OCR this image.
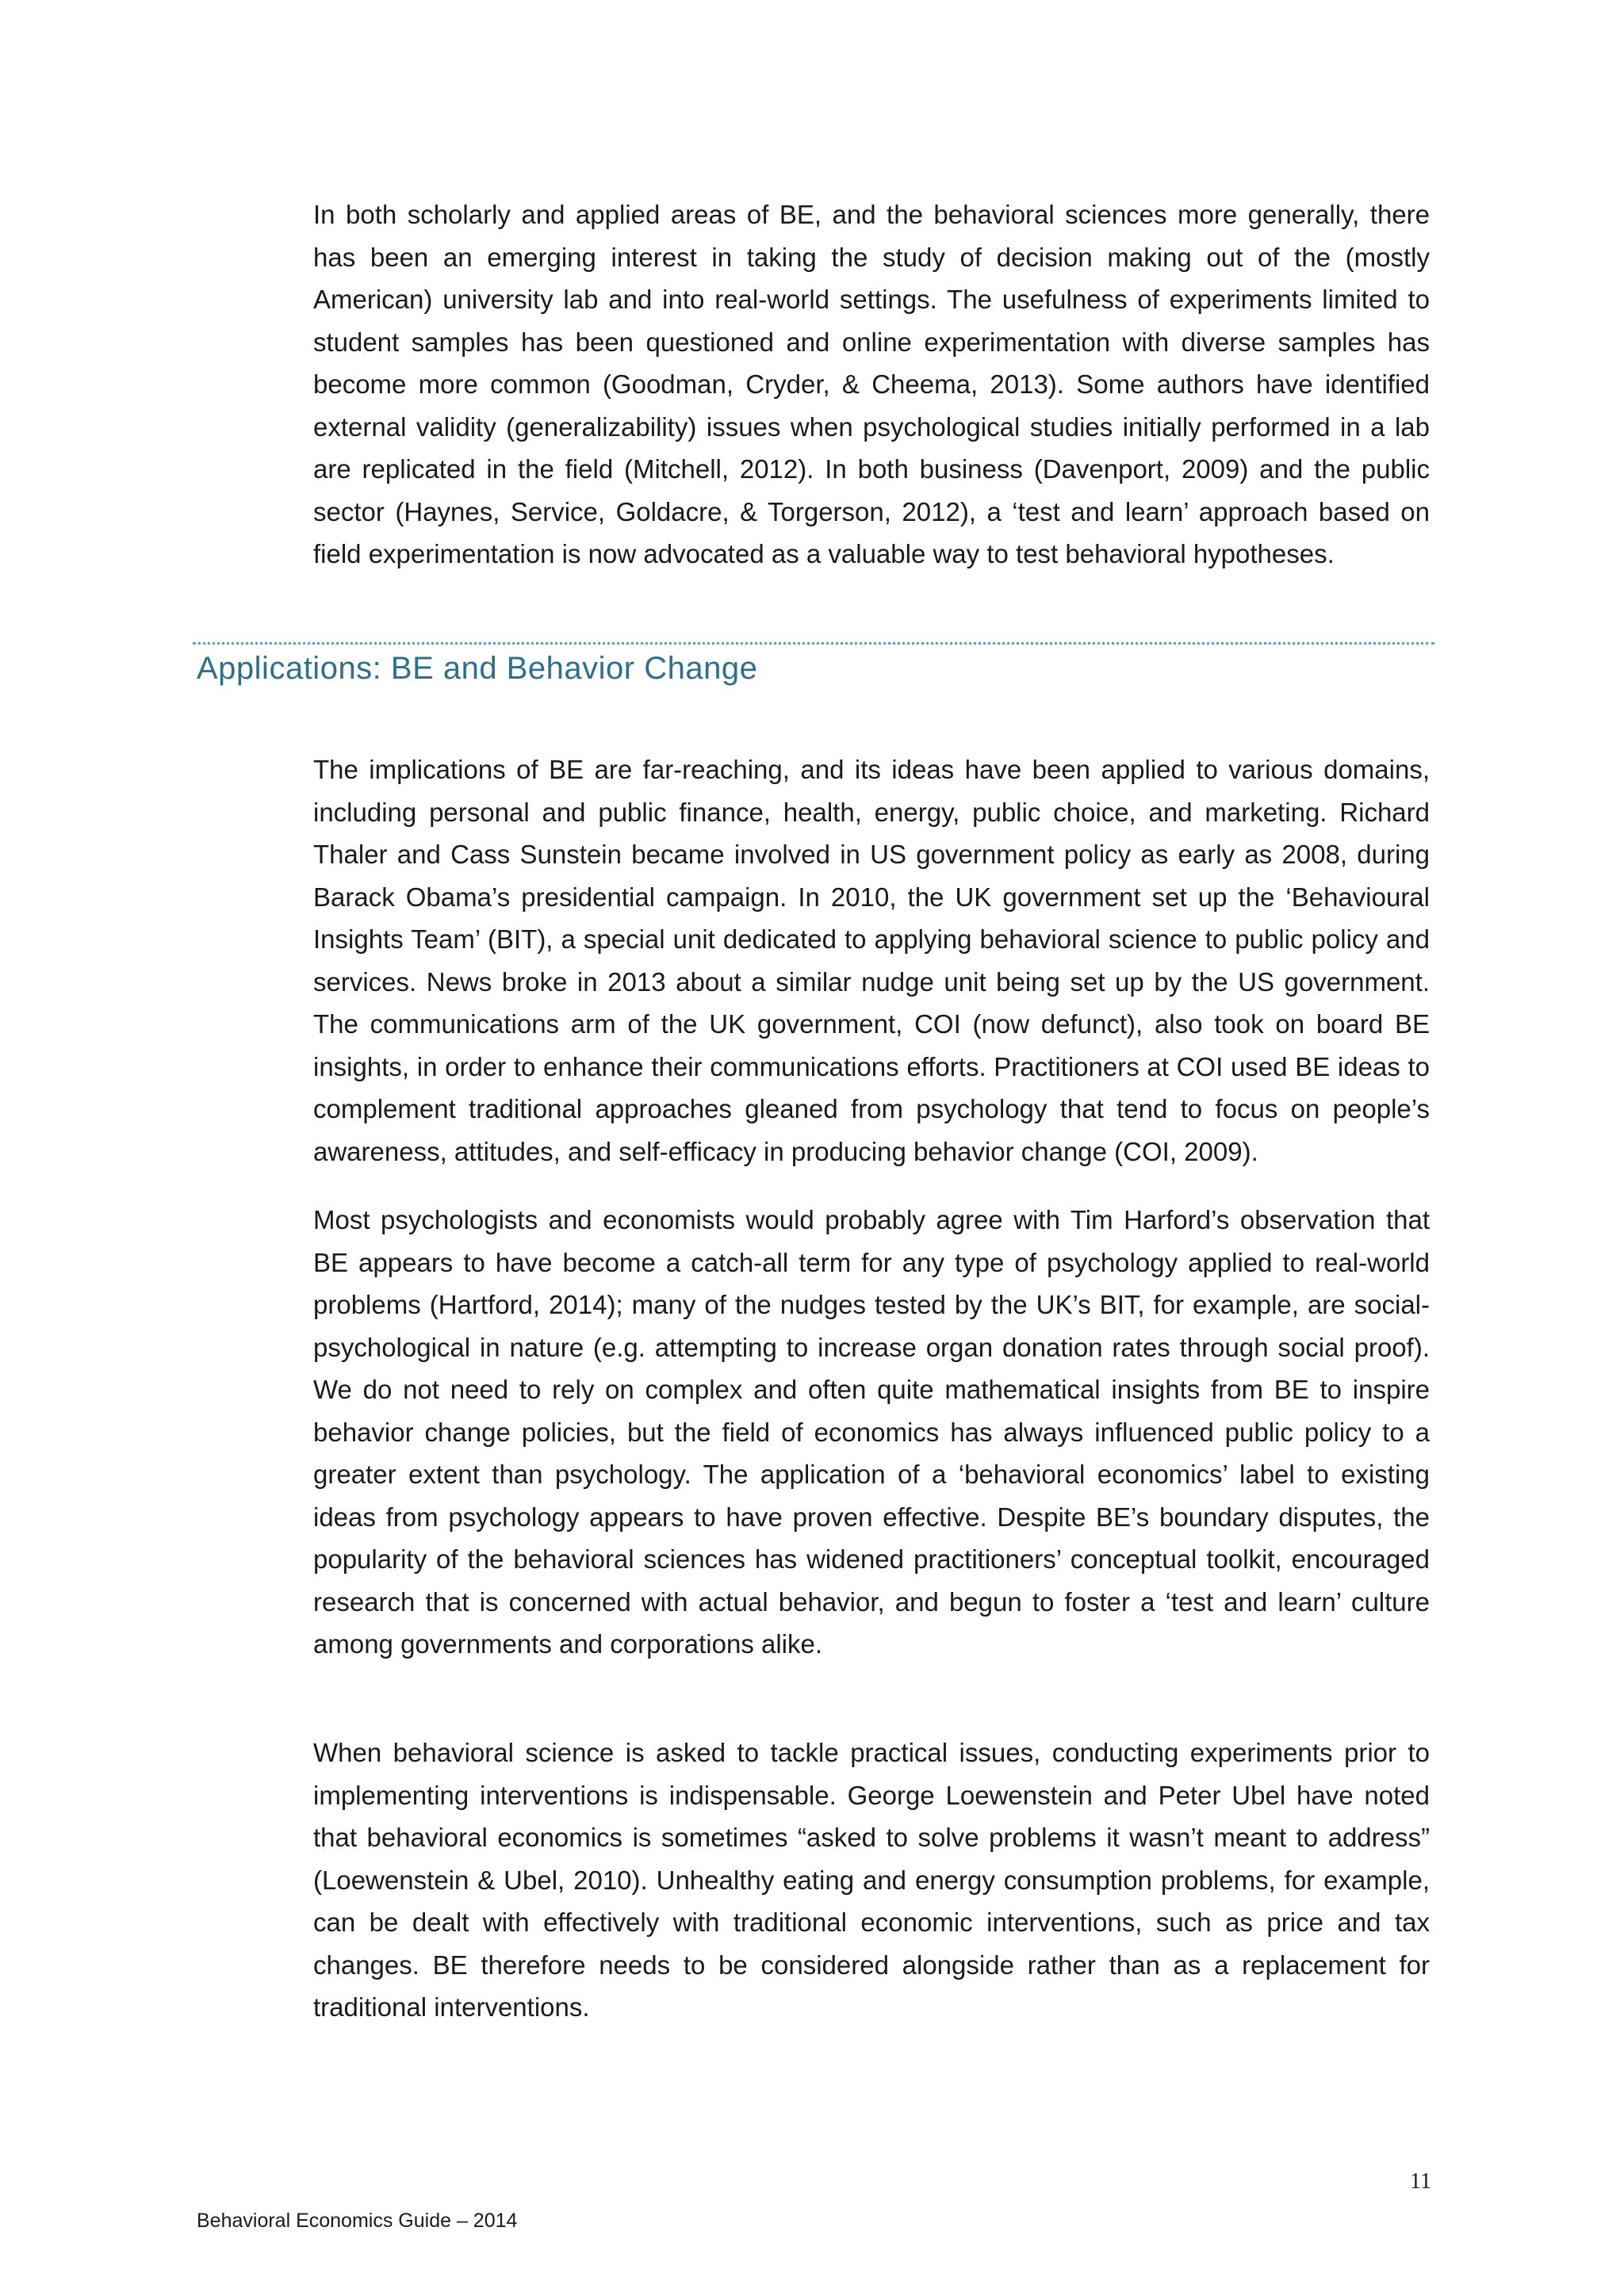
In both scholarly and applied areas of BE, and the behavioral sciences more generally, there has been an emerging interest in taking the study of decision making out of the (mostly American) university lab and into real-world settings. The usefulness of experiments limited to student samples has been questioned and online experimentation with diverse samples has become more common (Goodman, Cryder, & Cheema, 2013). Some authors have identified external validity (generalizability) issues when psychological studies initially performed in a lab are replicated in the field (Mitchell, 2012). In both business (Davenport, 2009) and the public sector (Haynes, Service, Goldacre, & Torgerson, 2012), a ‘test and learn’ approach based on field experimentation is now advocated as a valuable way to test behavioral hypotheses.

Applications: BE and Behavior Change

The implications of BE are far-reaching, and its ideas have been applied to various domains, including personal and public finance, health, energy, public choice, and marketing. Richard Thaler and Cass Sunstein became involved in US government policy as early as 2008, during Barack Obama’s presidential campaign. In 2010, the UK government set up the ‘Behavioural Insights Team’ (BIT), a special unit dedicated to applying behavioral science to public policy and services. News broke in 2013 about a similar nudge unit being set up by the US government. The communications arm of the UK government, COI (now defunct), also took on board BE insights, in order to enhance their communications efforts. Practitioners at COI used BE ideas to complement traditional approaches gleaned from psychology that tend to focus on people’s awareness, attitudes, and self-efficacy in producing behavior change (COI, 2009).

Most psychologists and economists would probably agree with Tim Harford’s observation that BE appears to have become a catch-all term for any type of psychology applied to real-world problems (Hartford, 2014); many of the nudges tested by the UK’s BIT, for example, are social-psychological in nature (e.g. attempting to increase organ donation rates through social proof). We do not need to rely on complex and often quite mathematical insights from BE to inspire behavior change policies, but the field of economics has always influenced public policy to a greater extent than psychology. The application of a ‘behavioral economics’ label to existing ideas from psychology appears to have proven effective. Despite BE’s boundary disputes, the popularity of the behavioral sciences has widened practitioners’ conceptual toolkit, encouraged research that is concerned with actual behavior, and begun to foster a ‘test and learn’ culture among governments and corporations alike.

When behavioral science is asked to tackle practical issues, conducting experiments prior to implementing interventions is indispensable. George Loewenstein and Peter Ubel have noted that behavioral economics is sometimes “asked to solve problems it wasn’t meant to address” (Loewenstein & Ubel, 2010). Unhealthy eating and energy consumption problems, for example, can be dealt with effectively with traditional economic interventions, such as price and tax changes. BE therefore needs to be considered alongside rather than as a replacement for traditional interventions.

11
Behavioral Economics Guide – 2014
